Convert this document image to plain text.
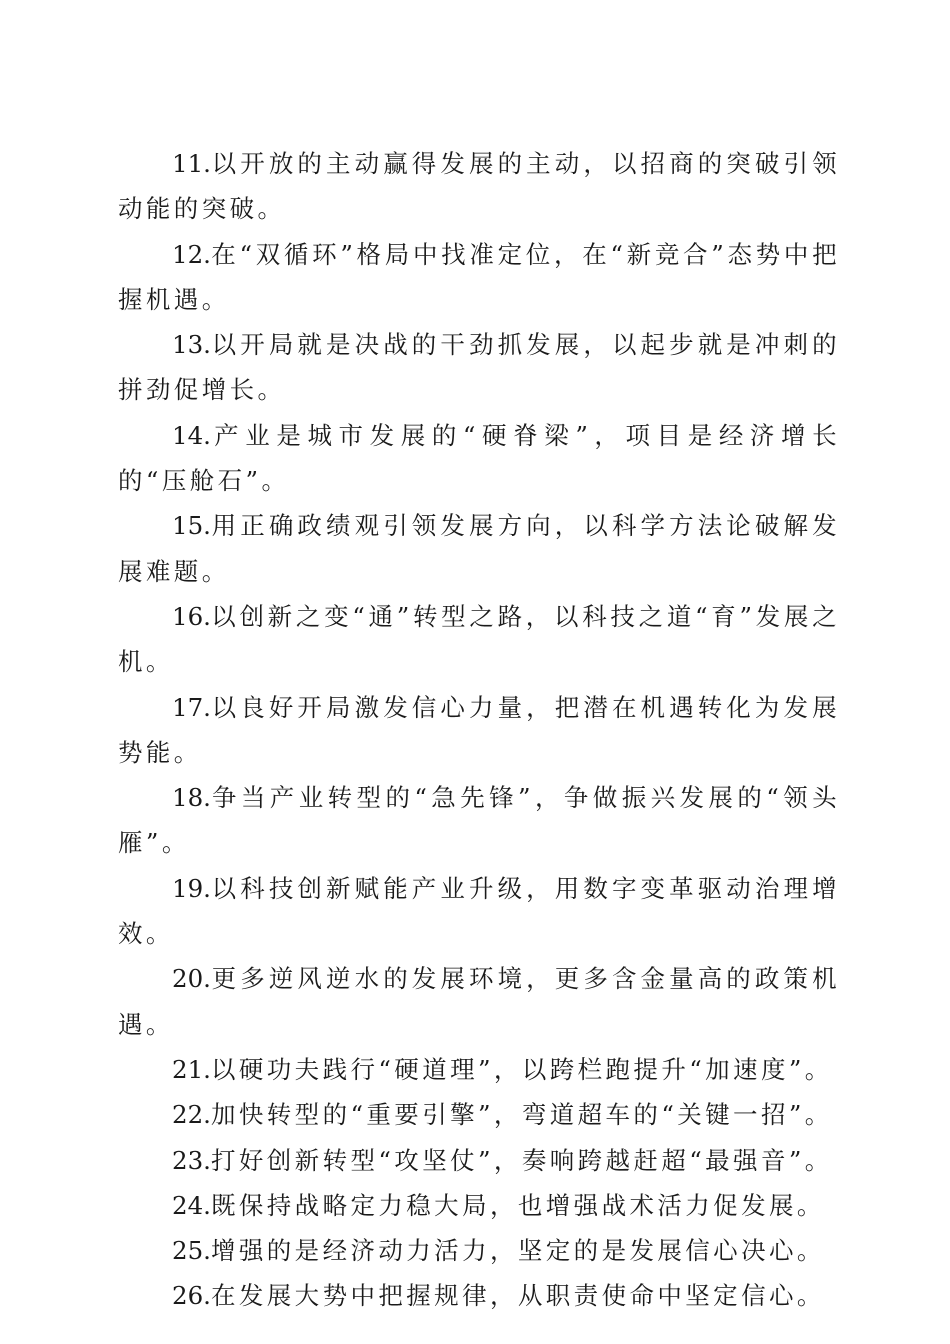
11.以开放的主动赢得发展的主动，以招商的突破引领动能的突破。

12.在“双循环”格局中找准定位，在“新竞合”态势中把握机遇。

13.以开局就是决战的干劲抓发展，以起步就是冲刺的拼劲促增长。

14.产业是城市发展的“硬脊梁”，项目是经济增长的“压舱石”。

15.用正确政绩观引领发展方向，以科学方法论破解发展难题。

16.以创新之变“通”转型之路，以科技之道“育”发展之机。

17.以良好开局激发信心力量，把潜在机遇转化为发展势能。

18.争当产业转型的“急先锋”，争做振兴发展的“领头雁”。

19.以科技创新赋能产业升级，用数字变革驱动治理增效。

20.更多逆风逆水的发展环境，更多含金量高的政策机遇。

21.以硬功夫践行“硬道理”，以跨栏跑提升“加速度”。

22.加快转型的“重要引擎”，弯道超车的“关键一招”。

23.打好创新转型“攻坚仗”，奏响跨越赶超“最强音”。

24.既保持战略定力稳大局，也增强战术活力促发展。

25.增强的是经济动力活力，坚定的是发展信心决心。

26.在发展大势中把握规律，从职责使命中坚定信心。
